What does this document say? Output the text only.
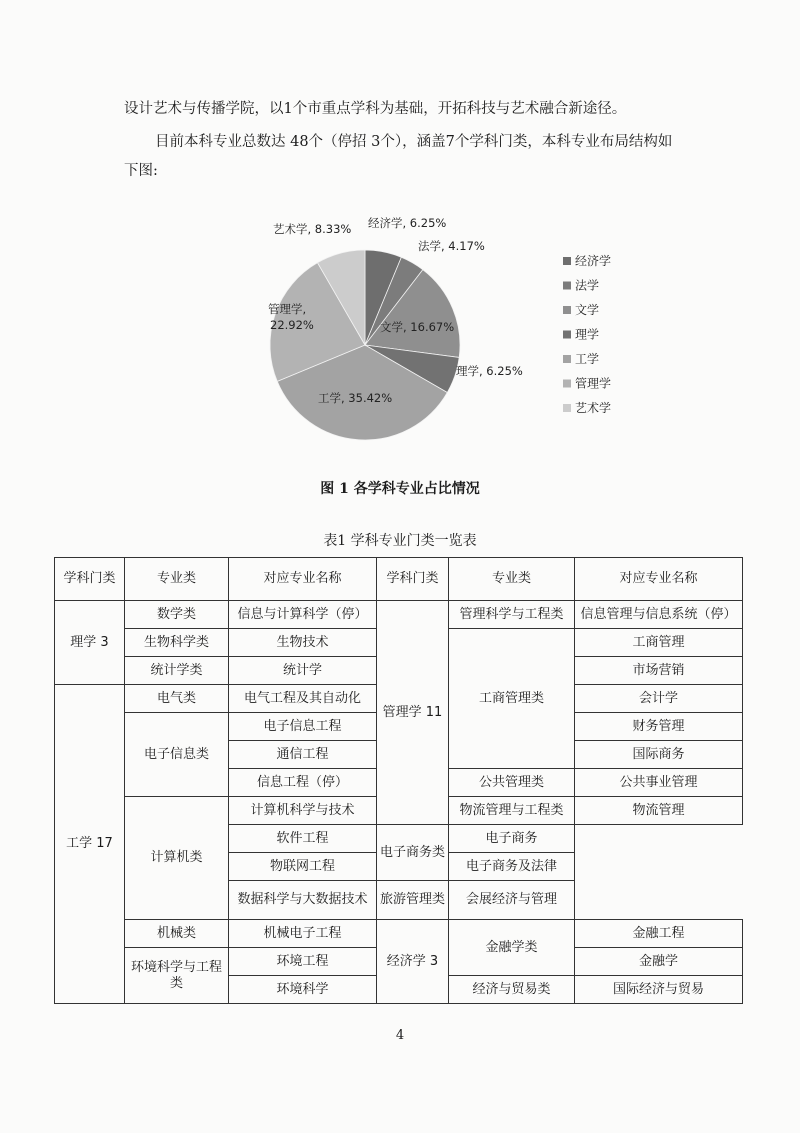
设计艺术与传播学院，以1个市重点学科为基础，开拓科技与艺术融合新途径。
目前本科专业总数达 48个（停招 3个），涵盖7个学科门类，本科专业布局结构如
下图:
经济学, 6.25%
法学, 4.17%
文学, 16.67%
理学, 6.25%
工学, 35.42%
管理学,
22.92%
艺术学, 8.33%
经济学
法学
文学
理学
工学
管理学
艺术学
图 1 各学科专业占比情况
表1 学科专业门类一览表
学科门类	专业类	对应专业名称	学科门类	专业类	对应专业名称
理学 3	数学类	信息与计算科学（停）	管理学 11	管理科学与工程类	信息管理与信息系统（停）
	生物科学类	生物技术		工商管理类	工商管理
	统计学类	统计学			市场营销
工学 17	电气类	电气工程及其自动化			会计学
	电子信息类	电子信息工程			财务管理
		通信工程			国际商务
		信息工程（停）		公共管理类	公共事业管理
	计算机类	计算机科学与技术		物流管理与工程类	物流管理
		软件工程	电子商务类	电子商务	
		物联网工程		电子商务及法律	
		数据科学与大数据技术	旅游管理类	会展经济与管理	
	机械类	机械电子工程	经济学 3	金融学类	金融工程
	环境科学与工程类	环境工程			金融学
		环境科学		经济与贸易类	国际经济与贸易
4
